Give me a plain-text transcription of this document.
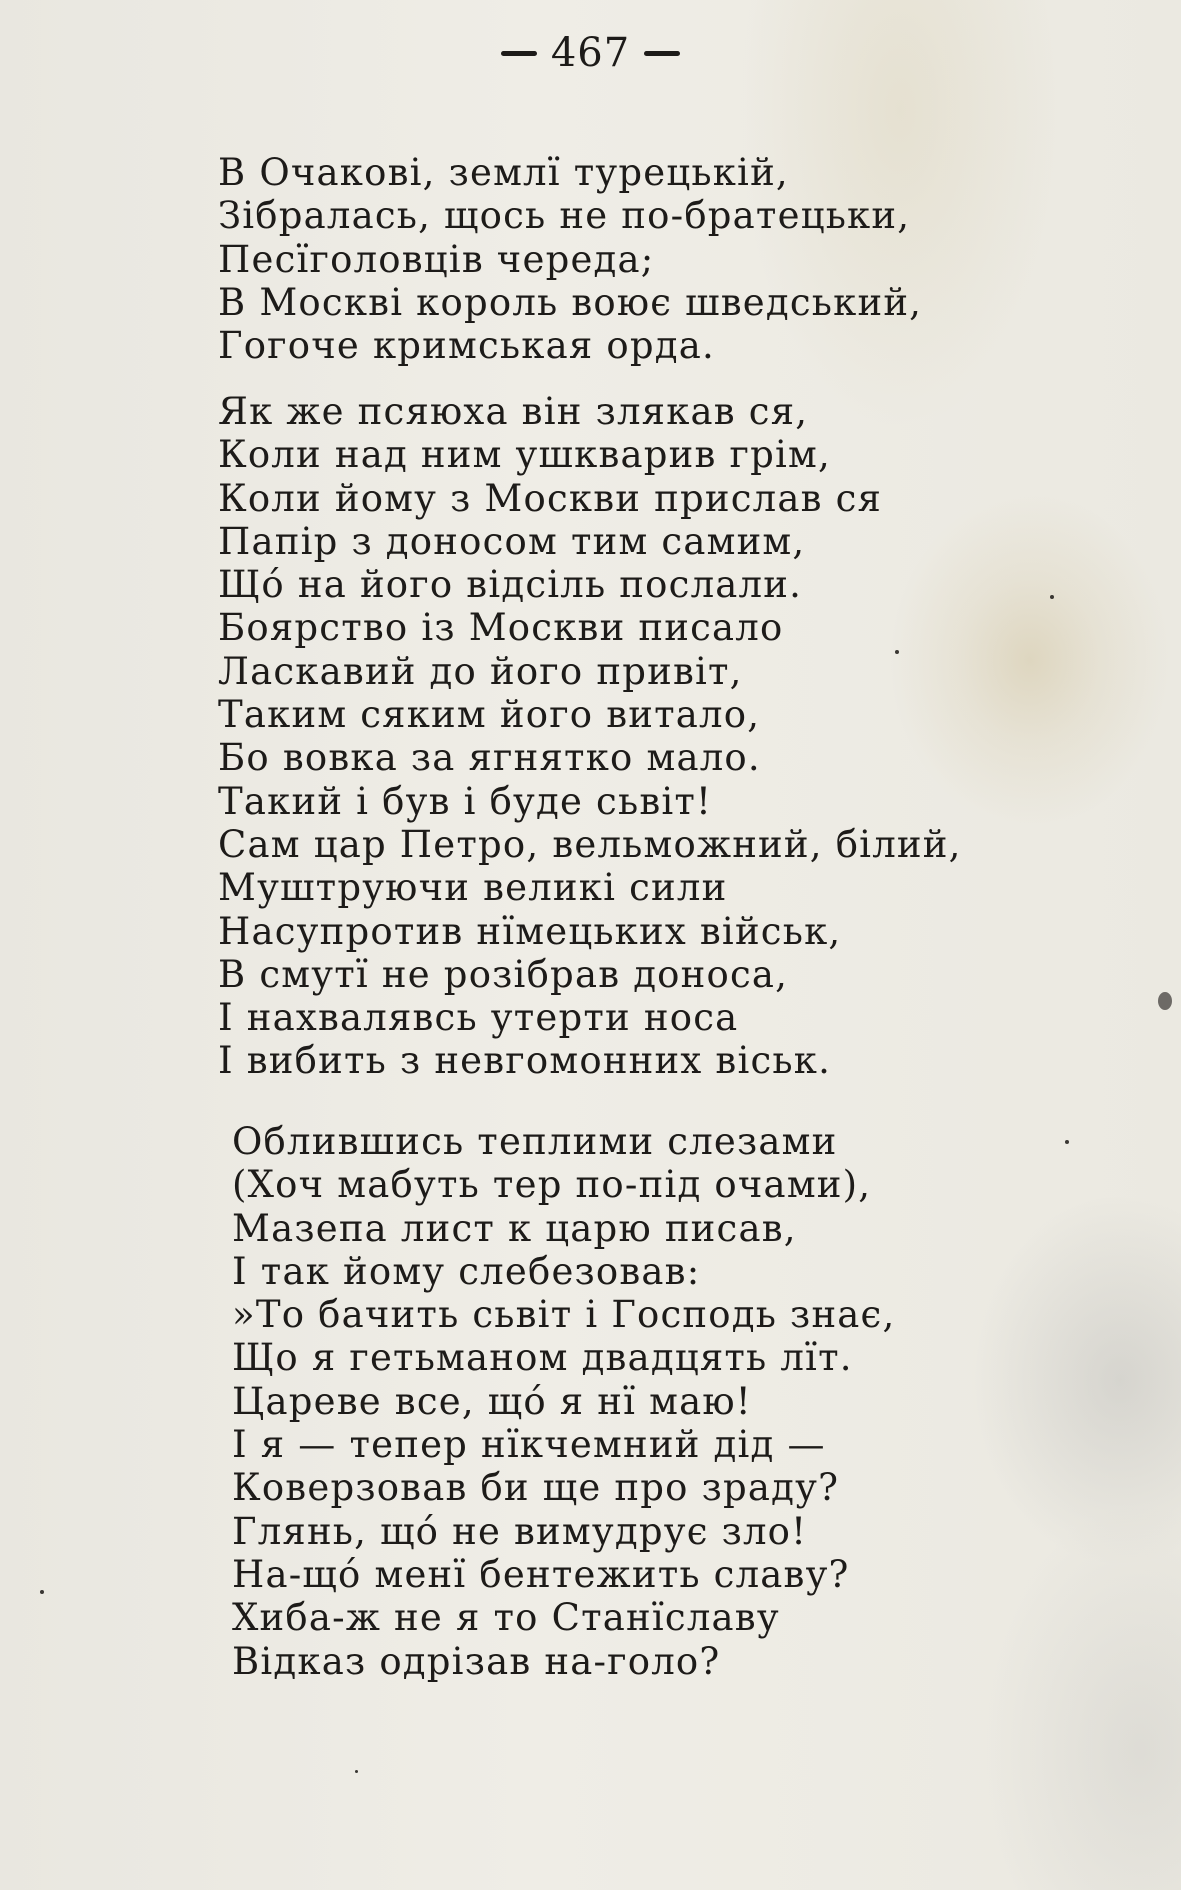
467
В Очакові, землї турецькій,
Зібралась, щось не по-братецьки,
Песїголовців череда;
В Москві король воює шведський,
Гогоче кримськая орда.
Як же псяюха він злякав ся,
Коли над ним ушкварив грім,
Коли йому з Москви прислав ся
Папір з доносом тим самим,
Щó на його відсіль послали.
Боярство із Москви писало
Ласкавий до його привіт,
Таким сяким його витало,
Бо вовка за ягнятко мало.
Такий і був і буде сьвіт!
Сам цар Петро, вельможний, білий,
Муштруючи великі сили
Насупротив нїмецьких військ,
В смутї не розібрав доноса,
І нахвалявсь утерти носа
І вибить з невгомонних віськ.
Облившись теплими слезами
(Хоч мабуть тер по-під очами),
Мазепа лист к царю писав,
І так йому слебезовав:
»То бачить сьвіт і Господь знає,
Що я гетьманом двадцять лїт.
Цареве все, щó я нї маю!
І я — тепер нїкчемний дід —
Коверзовав би ще про зраду?
Глянь, щó не вимудрує зло!
На-щó менї бентежить славу?
Хиба-ж не я то Станїславу
Відказ одрізав на-голо?
